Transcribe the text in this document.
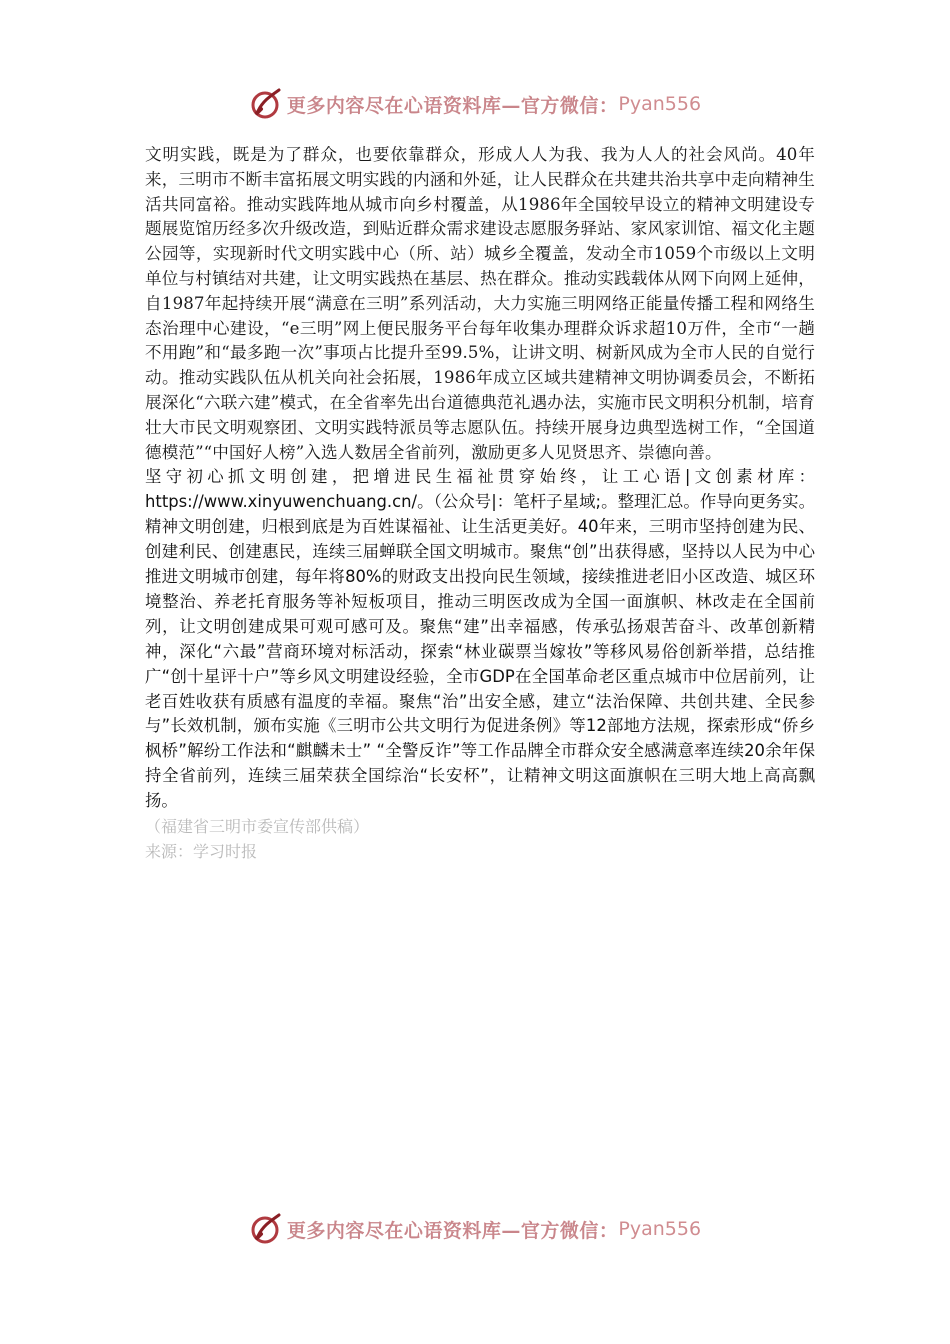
更多内容尽在心语资料库—官方微信： Pyan556

文明实践，既是为了群众，也要依靠群众，形成人人为我、我为人人的社会风尚。40年来，三明市不断丰富拓展文明实践的内涵和外延，让人民群众在共建共治共享中走向精神生活共同富裕。推动实践阵地从城市向乡村覆盖，从1986年全国较早设立的精神文明建设专题展览馆历经多次升级改造，到贴近群众需求建设志愿服务驿站、家风家训馆、福文化主题公园等，实现新时代文明实践中心（所、站）城乡全覆盖，发动全市1059个市级以上文明单位与村镇结对共建，让文明实践热在基层、热在群众。推动实践载体从网下向网上延伸，自1987年起持续开展“满意在三明”系列活动，大力实施三明网络正能量传播工程和网络生态治理中心建设，“e三明”网上便民服务平台每年收集办理群众诉求超10万件，全市“一趟不用跑”和“最多跑一次”事项占比提升至99.5%，让讲文明、树新风成为全市人民的自觉行动。推动实践队伍从机关向社会拓展，1986年成立区域共建精神文明协调委员会，不断拓展深化“六联六建”模式，在全省率先出台道德典范礼遇办法，实施市民文明积分机制，培育壮大市民文明观察团、文明实践特派员等志愿队伍。持续开展身边典型选树工作，“全国道德模范”“中国好人榜”入选人数居全省前列，激励更多人见贤思齐、崇德向善。

坚守初心抓文明创建，把增进民生福祉贯穿始终，让工心语|文创素材库：https://www.xinyuwenchuang.cn/。（公众号|：笔杆子星域;。整理汇总。作导向更务实。精神文明创建，归根到底是为百姓谋福祉、让生活更美好。40年来，三明市坚持创建为民、创建利民、创建惠民，连续三届蝉联全国文明城市。聚焦“创”出获得感，坚持以人民为中心推进文明城市创建，每年将80%的财政支出投向民生领域，接续推进老旧小区改造、城区环境整治、养老托育服务等补短板项目，推动三明医改成为全国一面旗帜、林改走在全国前列，让文明创建成果可观可感可及。聚焦“建”出幸福感，传承弘扬艰苦奋斗、改革创新精神，深化“六最”营商环境对标活动，探索“林业碳票当嫁妆”等移风易俗创新举措，总结推广“创十星评十户”等乡风文明建设经验，全市GDP在全国革命老区重点城市中位居前列，让老百姓收获有质感有温度的幸福。聚焦“治”出安全感，建立“法治保障、共创共建、全民参与”长效机制，颁布实施《三明市公共文明行为促进条例》等12部地方法规，探索形成“侨乡枫桥”解纷工作法和“麒麟未士” “全警反诈”等工作品牌全市群众安全感满意率连续20余年保持全省前列，连续三届荣获全国综治“长安杯”，让精神文明这面旗帜在三明大地上高高飘扬。

（福建省三明市委宣传部供稿）

来源：学习时报

更多内容尽在心语资料库—官方微信： Pyan556
